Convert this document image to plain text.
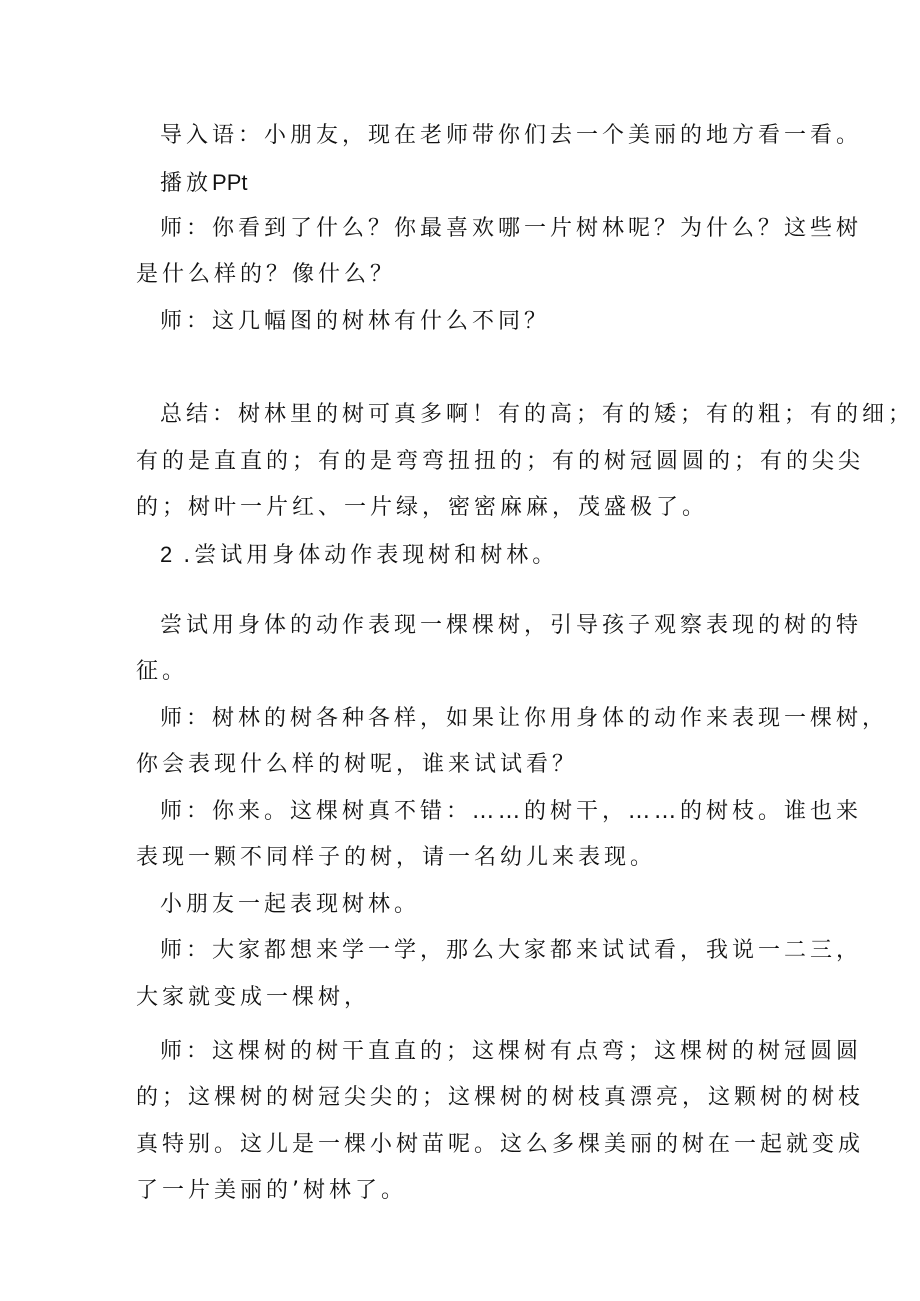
导入语：小朋友，现在老师带你们去一个美丽的地方看一看。
播放PPt
师：你看到了什么？你最喜欢哪一片树林呢？为什么？这些树
是什么样的？像什么？
师：这几幅图的树林有什么不同？
总结：树林里的树可真多啊！有的高；有的矮；有的粗；有的细；
有的是直直的；有的是弯弯扭扭的；有的树冠圆圆的；有的尖尖
的；树叶一片红、一片绿，密密麻麻，茂盛极了。
2 .尝试用身体动作表现树和树林。
尝试用身体的动作表现一棵棵树，引导孩子观察表现的树的特
征。
师：树林的树各种各样，如果让你用身体的动作来表现一棵树，
你会表现什么样的树呢，谁来试试看？
师：你来。这棵树真不错：……的树干，……的树枝。谁也来
表现一颗不同样子的树，请一名幼儿来表现。
小朋友一起表现树林。
师：大家都想来学一学，那么大家都来试试看，我说一二三，
大家就变成一棵树，
师：这棵树的树干直直的；这棵树有点弯；这棵树的树冠圆圆
的；这棵树的树冠尖尖的；这棵树的树枝真漂亮，这颗树的树枝
真特别。这儿是一棵小树苗呢。这么多棵美丽的树在一起就变成
了一片美丽的’树林了。
